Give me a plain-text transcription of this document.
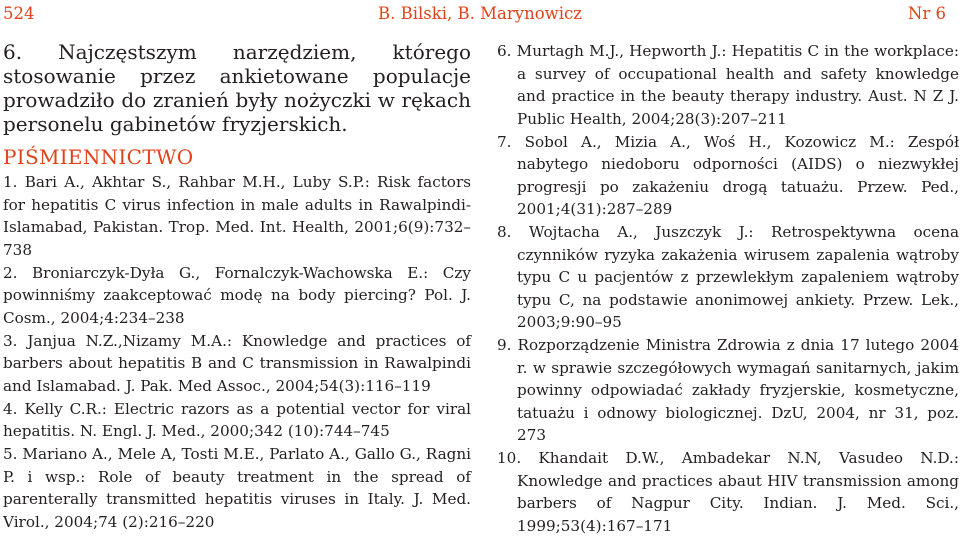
524	B. Bilski, B. Marynowicz	Nr 6

6. Najczęstszym narzędziem, którego stosowanie przez ankietowane populacje prowadziło do zranień były nożyczki w rękach personelu gabinetów fryzjerskich.

PIŚMIENNICTWO
1. Bari A., Akhtar S., Rahbar M.H., Luby S.P.: Risk factors for hepatitis C virus infection in male adults in Rawalpindi-Islamabad, Pakistan. Trop. Med. Int. Health, 2001;6(9):732–738
2. Broniarczyk-Dyła G., Fornalczyk-Wachowska E.: Czy powinniśmy zaakceptować modę na body piercing? Pol. J. Cosm., 2004;4:234–238
3. Janjua N.Z.,Nizamy M.A.: Knowledge and practices of barbers about hepatitis B and C transmission in Rawalpindi and Islamabad. J. Pak. Med Assoc., 2004;54(3):116–119
4. Kelly C.R.: Electric razors as a potential vector for viral hepatitis. N. Engl. J. Med., 2000;342 (10):744–745
5. Mariano A., Mele A, Tosti M.E., Parlato A., Gallo G., Ragni P. i wsp.: Role of beauty treatment in the spread of parenterally transmitted hepatitis viruses in Italy. J. Med. Virol., 2004;74 (2):216–220
6. Murtagh M.J., Hepworth J.: Hepatitis C in the workplace: a survey of occupational health and safety knowledge and practice in the beauty therapy industry. Aust. N Z J. Public Health, 2004;28(3):207–211
7. Sobol A., Mizia A., Woś H., Kozowicz M.: Zespół nabytego niedoboru odporności (AIDS) o niezwykłej progresji po zakażeniu drogą tatuażu. Przew. Ped., 2001;4(31):287–289
8. Wojtacha A., Juszczyk J.: Retrospektywna ocena czynników ryzyka zakażenia wirusem zapalenia wątroby typu C u pacjentów z przewlekłym zapaleniem wątroby typu C, na podstawie anonimowej ankiety. Przew. Lek., 2003;9:90–95
9. Rozporządzenie Ministra Zdrowia z dnia 17 lutego 2004 r. w sprawie szczegółowych wymagań sanitarnych, jakim powinny odpowiadać zakłady fryzjerskie, kosmetyczne, tatuażu i odnowy biologicznej. DzU, 2004, nr 31, poz. 273
10. Khandait D.W., Ambadekar N.N, Vasudeo N.D.: Knowledge and practices abaut HIV transmission among barbers of Nagpur City. Indian. J. Med. Sci., 1999;53(4):167–171
